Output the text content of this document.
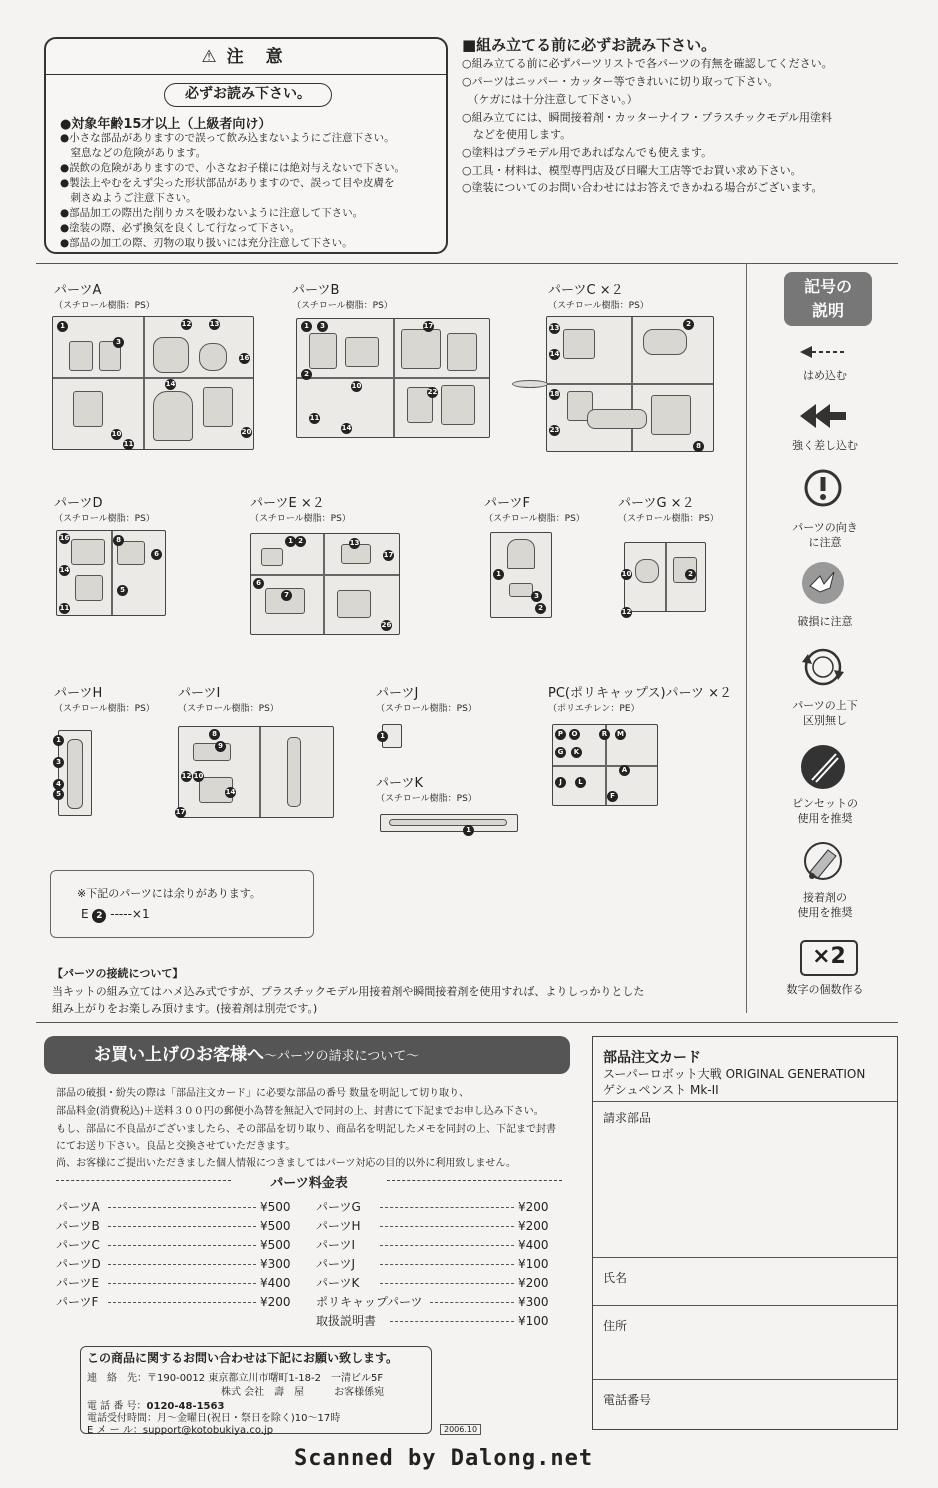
⚠ 注 意
必ずお読み下さい。
●対象年齢15才以上（上級者向け）
●小さな部品がありますので誤って飲み込まないようにご注意下さい。
　窒息などの危険があります。
●誤飲の危険がありますので、小さなお子様には絶対与えないで下さい。
●製法上やむをえず尖った形状部品がありますので、誤って目や皮膚を
　刺さぬようご注意下さい。
●部品加工の際出た削りカスを吸わないように注意して下さい。
●塗装の際、必ず換気を良くして行なって下さい。
●部品の加工の際、刃物の取り扱いには充分注意して下さい。
■組み立てる前に必ずお読み下さい。
○組み立てる前に必ずパーツリストで各パーツの有無を確認してください。
○パーツはニッパー・カッター等できれいに切り取って下さい。
　（ケガには十分注意して下さい。）
○組み立てには、瞬間接着剤・カッターナイフ・プラスチックモデル用塗料
　などを使用します。
○塗料はプラモデル用であればなんでも使えます。
○工具・材料は、模型専門店及び日曜大工店等でお買い求め下さい。
○塗装についてのお問い合わせにはお答えできかねる場合がございます。
パーツA
（スチロール樹脂：PS）
1	12	13
3
14
16
10
11
20
パーツB
（スチロール樹脂：PS）
1	3	17
2
10
22
11
14
パーツC ×２
（スチロール樹脂：PS）
13	2
14
18
23
8
パーツD
（スチロール樹脂：PS）
16	8
6
14
5
11
パーツE ×２
（スチロール樹脂：PS）
1 2	13
6
7
17
26
パーツF
（スチロール樹脂：PS）
1
3
2
パーツG ×２
（スチロール樹脂：PS）
10	2
12
パーツH
（スチロール樹脂：PS）
1
3
4
5
パーツI
（スチロール樹脂：PS）
8
9
12 10
14
17
パーツJ
（スチロール樹脂：PS）
1
パーツK
（スチロール樹脂：PS）
1
PC(ポリキャップス)パーツ ×２
（ポリエチレン：PE）
P	O	R	M
G	K
A
J	L
F
記号の
説明
はめ込む
強く差し込む
パーツの向き
に注意
破損に注意
パーツの上下
区別無し
ピンセットの
使用を推奨
接着剤の
使用を推奨
×2
数字の個数作る
※下記のパーツには余りがあります。
E 2 -----×1
【パーツの接続について】
当キットの組み立てはハメ込み式ですが、プラスチックモデル用接着剤や瞬間接着剤を使用すれば、よりしっかりとした
組み上がりをお楽しみ頂けます。(接着剤は別売です。)
お買い上げのお客様へ～パーツの請求について～
部品の破損・紛失の際は「部品注文カード」に必要な部品の番号 数量を明記して切り取り、
部品料金(消費税込)＋送料３００円の郵便小為替を無記入で同封の上、封書にて下記までお申し込み下さい。
もし、部品に不良品がございましたら、その部品を切り取り、商品名を明記したメモを同封の上、下記まで封書
にてお送り下さい。良品と交換させていただきます。
尚、お客様にご提出いただきました個人情報につきましてはパーツ対応の目的以外に利用致しません。
パーツ料金表
パーツA	¥500
パーツB	¥500
パーツC	¥500
パーツD	¥300
パーツE	¥400
パーツF	¥200
パーツG	¥200
パーツH	¥200
パーツI	¥400
パーツJ	¥100
パーツK	¥200
ポリキャップパーツ	¥300
取扱説明書	¥100
この商品に関するお問い合わせは下記にお願い致します。
連　絡　先：〒190-0012 東京都立川市曙町1-18-2　一清ビル5F
株式 会社　壽　屋　　　お客様係宛
電 話 番 号：0120-48-1563
電話受付時間：月～金曜日(祝日・祭日を除く)10～17時
E メ ー ル：support@kotobukiya.co.jp
部品注文カード
スーパーロボット大戦 ORIGINAL GENERATION
ゲシュペンスト Mk-II
請求部品
氏名
住所
電話番号
2006.10
Scanned by Dalong.net
